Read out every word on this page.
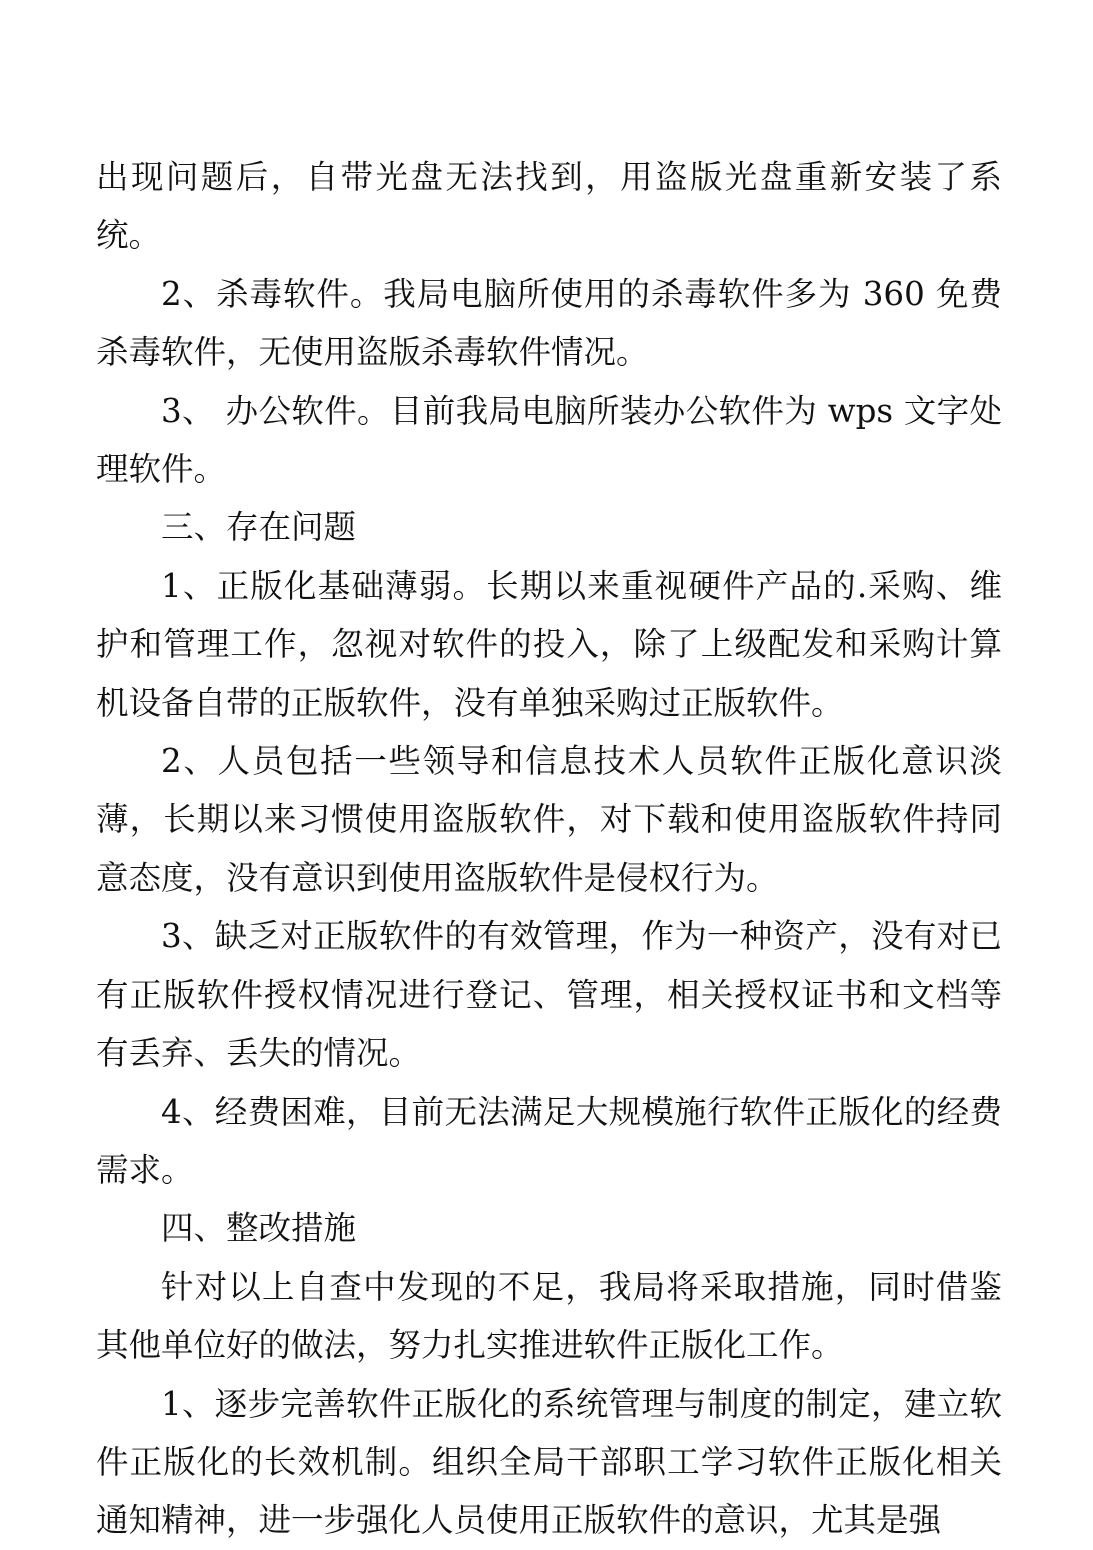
出现问题后，自带光盘无法找到，用盗版光盘重新安装了系统。

2、杀毒软件。我局电脑所使用的杀毒软件多为 360 免费杀毒软件，无使用盗版杀毒软件情况。

3、 办公软件。目前我局电脑所装办公软件为 wps 文字处理软件。

三、存在问题

1、正版化基础薄弱。长期以来重视硬件产品的.采购、维护和管理工作，忽视对软件的投入，除了上级配发和采购计算机设备自带的正版软件，没有单独采购过正版软件。

2、人员包括一些领导和信息技术人员软件正版化意识淡薄，长期以来习惯使用盗版软件，对下载和使用盗版软件持同意态度，没有意识到使用盗版软件是侵权行为。

3、缺乏对正版软件的有效管理，作为一种资产，没有对已有正版软件授权情况进行登记、管理，相关授权证书和文档等有丢弃、丢失的情况。

4、经费困难，目前无法满足大规模施行软件正版化的经费需求。

四、整改措施

针对以上自查中发现的不足，我局将采取措施，同时借鉴其他单位好的做法，努力扎实推进软件正版化工作。

1、逐步完善软件正版化的系统管理与制度的制定，建立软件正版化的长效机制。组织全局干部职工学习软件正版化相关通知精神，进一步强化人员使用正版软件的意识，尤其是强
